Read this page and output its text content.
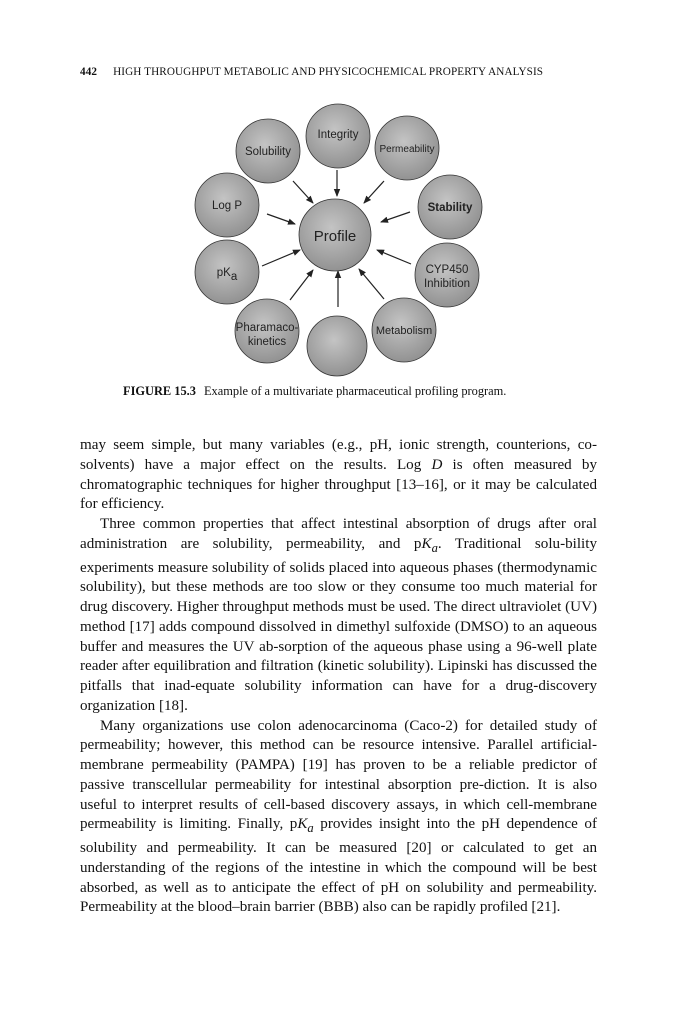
442 HIGH THROUGHPUT METABOLIC AND PHYSICOCHEMICAL PROPERTY ANALYSIS
Integrity
Solubility	Permeability
Log P	Stability
Profile
pKa
CYP450
Inhibition
Pharamaco-
kinetics
Metabolism
FIGURE 15.3 Example of a multivariate pharmaceutical profiling program.

may seem simple, but many variables (e.g., pH, ionic strength, counterions, co-solvents) have a major effect on the results. Log D is often measured by chromatographic techniques for higher throughput [13–16], or it may be calculated for efficiency.

Three common properties that affect intestinal absorption of drugs after oral administration are solubility, permeability, and $pK_a$. Traditional solu-bility experiments measure solubility of solids placed into aqueous phases (thermodynamic solubility), but these methods are too slow or they consume too much material for drug discovery. Higher throughput methods must be used. The direct ultraviolet (UV) method [17] adds compound dissolved in dimethyl sulfoxide (DMSO) to an aqueous buffer and measures the UV ab-sorption of the aqueous phase using a 96-well plate reader after equilibration and filtration (kinetic solubility). Lipinski has discussed the pitfalls that inad-equate solubility information can have for a drug-discovery organization [18].

Many organizations use colon adenocarcinoma (Caco-2) for detailed study of permeability; however, this method can be resource intensive. Parallel artificial-membrane permeability (PAMPA) [19] has proven to be a reliable predictor of passive transcellular permeability for intestinal absorption pre-diction. It is also useful to interpret results of cell-based discovery assays, in which cell-membrane permeability is limiting. Finally, $pK_a$ provides insight into the pH dependence of solubility and permeability. It can be measured [20] or calculated to get an understanding of the regions of the intestine in which the compound will be best absorbed, as well as to anticipate the effect of pH on solubility and permeability. Permeability at the blood–brain barrier (BBB) also can be rapidly profiled [21].
